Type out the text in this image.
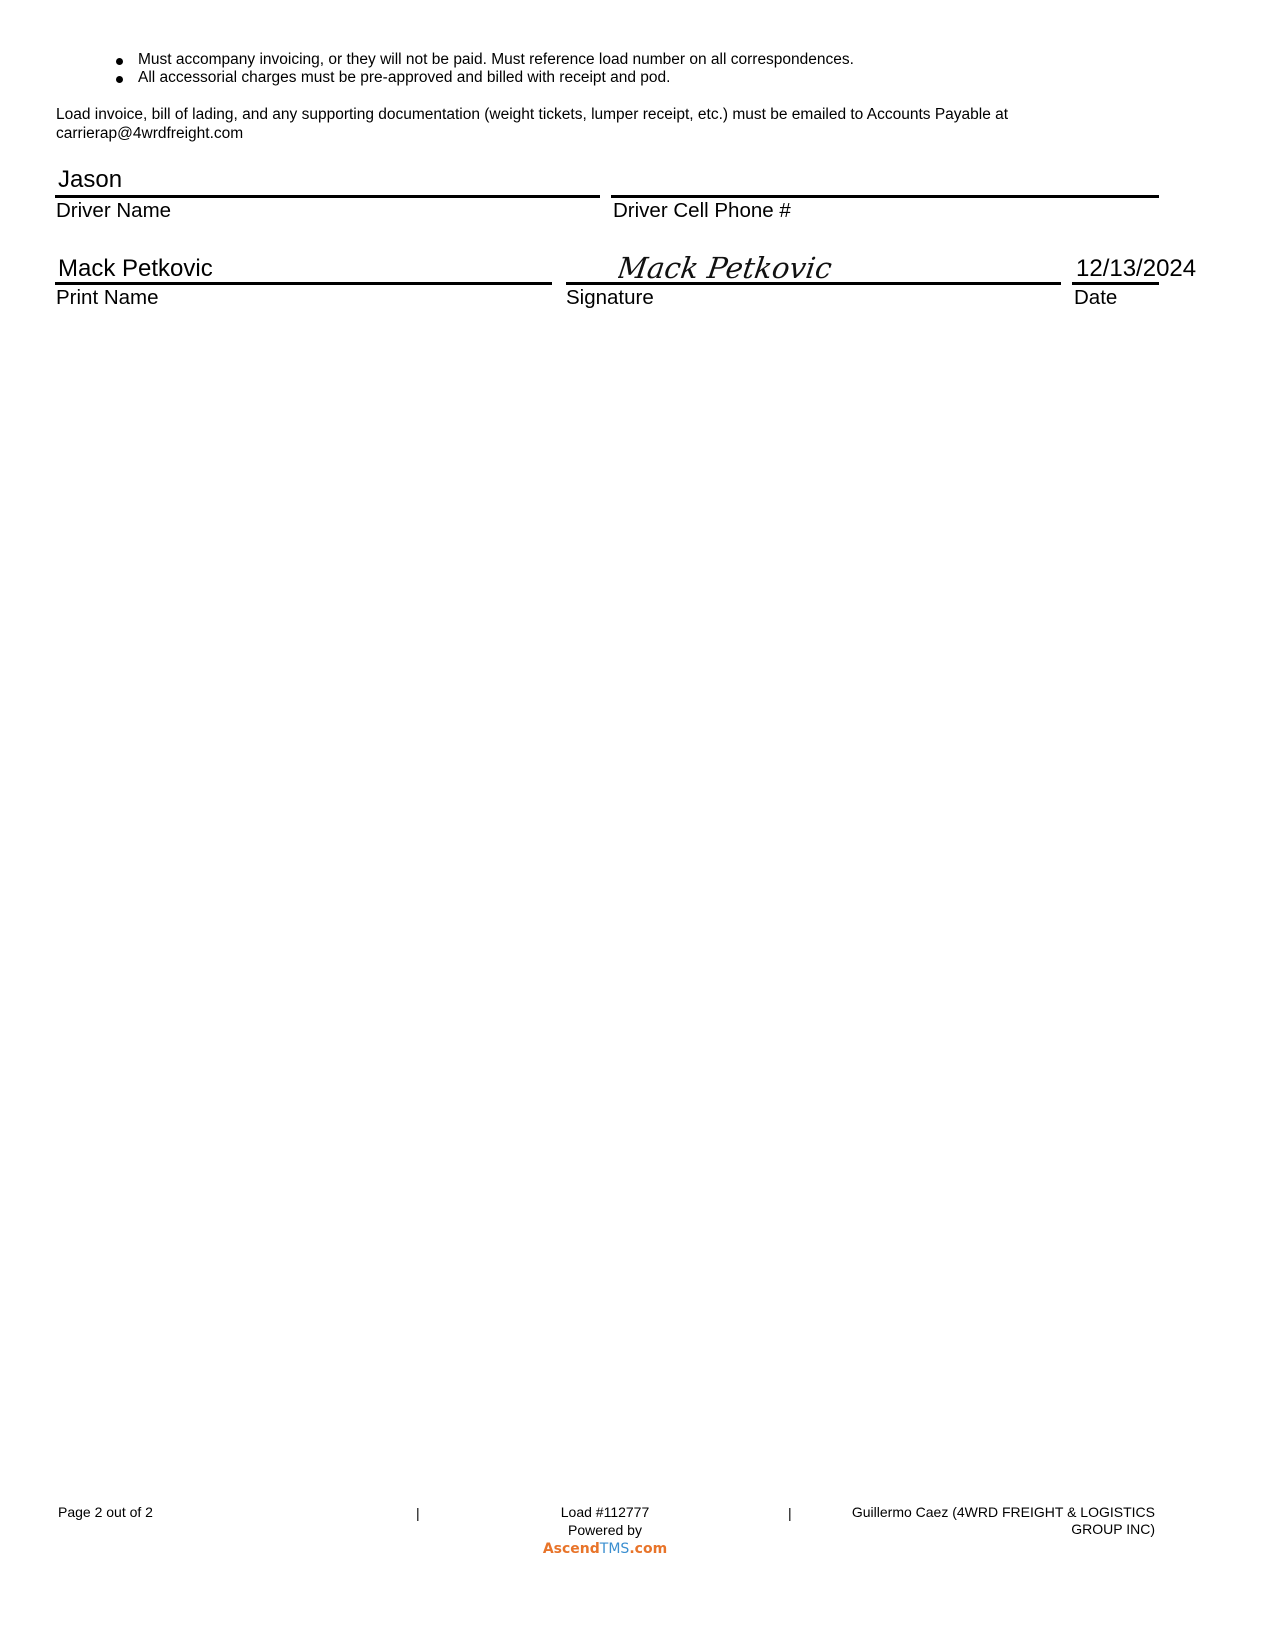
Must accompany invoicing, or they will not be paid. Must reference load number on all correspondences.
All accessorial charges must be pre-approved and billed with receipt and pod.
Load invoice, bill of lading, and any supporting documentation (weight tickets, lumper receipt, etc.) must be emailed to Accounts Payable at carrierap@4wrdfreight.com
Jason
Driver Name	Driver Cell Phone #
Mack Petkovic
Print Name
Mack Petkovic
Signature
12/13/2024
Date
Page 2 out of 2	|	Load #112777
Powered by AscendTMS.com
|	Guillermo Caez (4WRD FREIGHT & LOGISTICS
GROUP INC)
